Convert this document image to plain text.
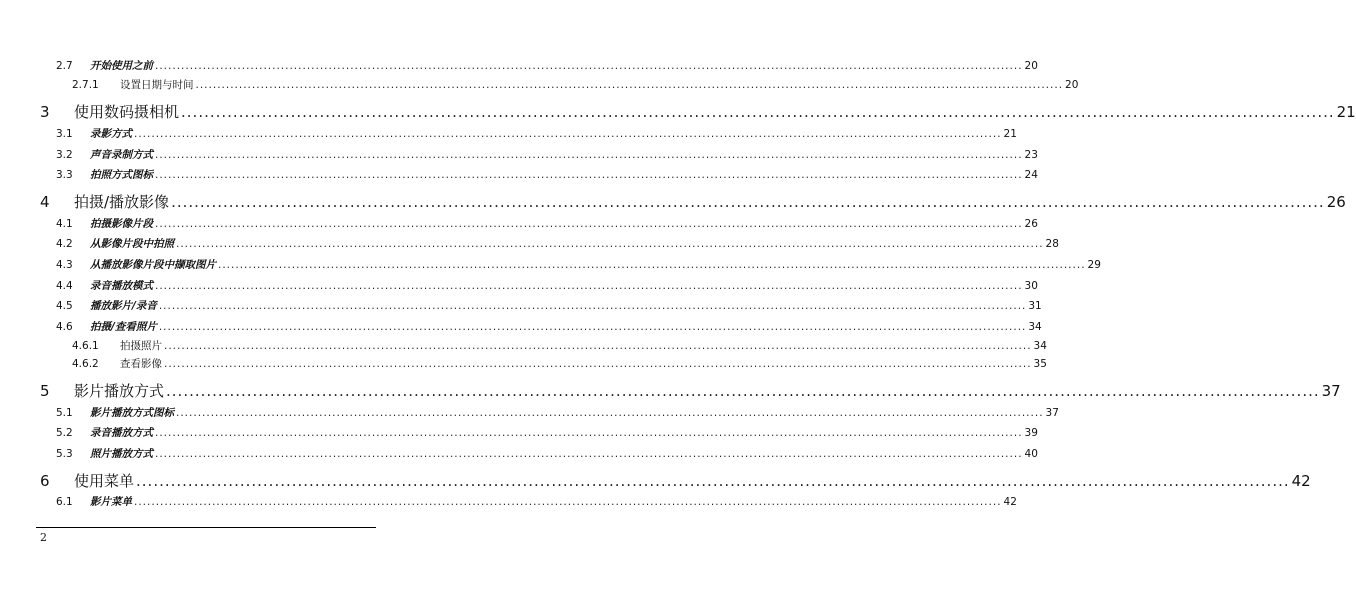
2.7	开始使用之前 ........................................................................................................................................................................................................ 20
2.7.1	设置日期与时间 ........................................................................................................................................................................................................ 20
3	使用数码摄相机 ........................................................................................................................................................................................................ 21
3.1	录影方式 ........................................................................................................................................................................................................ 21
3.2	声音录制方式 ........................................................................................................................................................................................................ 23
3.3	拍照方式图标 ........................................................................................................................................................................................................ 24
4	拍摄/播放影像 ........................................................................................................................................................................................................ 26
4.1	拍摄影像片段 ........................................................................................................................................................................................................ 26
4.2	从影像片段中拍照 ........................................................................................................................................................................................................ 28
4.3	从播放影像片段中撷取图片 ........................................................................................................................................................................................................ 29
4.4	录音播放模式 ........................................................................................................................................................................................................ 30
4.5	播放影片/录音 ........................................................................................................................................................................................................ 31
4.6	拍摄/查看照片 ........................................................................................................................................................................................................ 34
4.6.1	拍摄照片 ........................................................................................................................................................................................................ 34
4.6.2	查看影像 ........................................................................................................................................................................................................ 35
5	影片播放方式 ........................................................................................................................................................................................................ 37
5.1	影片播放方式图标 ........................................................................................................................................................................................................ 37
5.2	录音播放方式 ........................................................................................................................................................................................................ 39
5.3	照片播放方式 ........................................................................................................................................................................................................ 40
6	使用菜单 ........................................................................................................................................................................................................ 42
6.1	影片菜单 ........................................................................................................................................................................................................ 42
2
